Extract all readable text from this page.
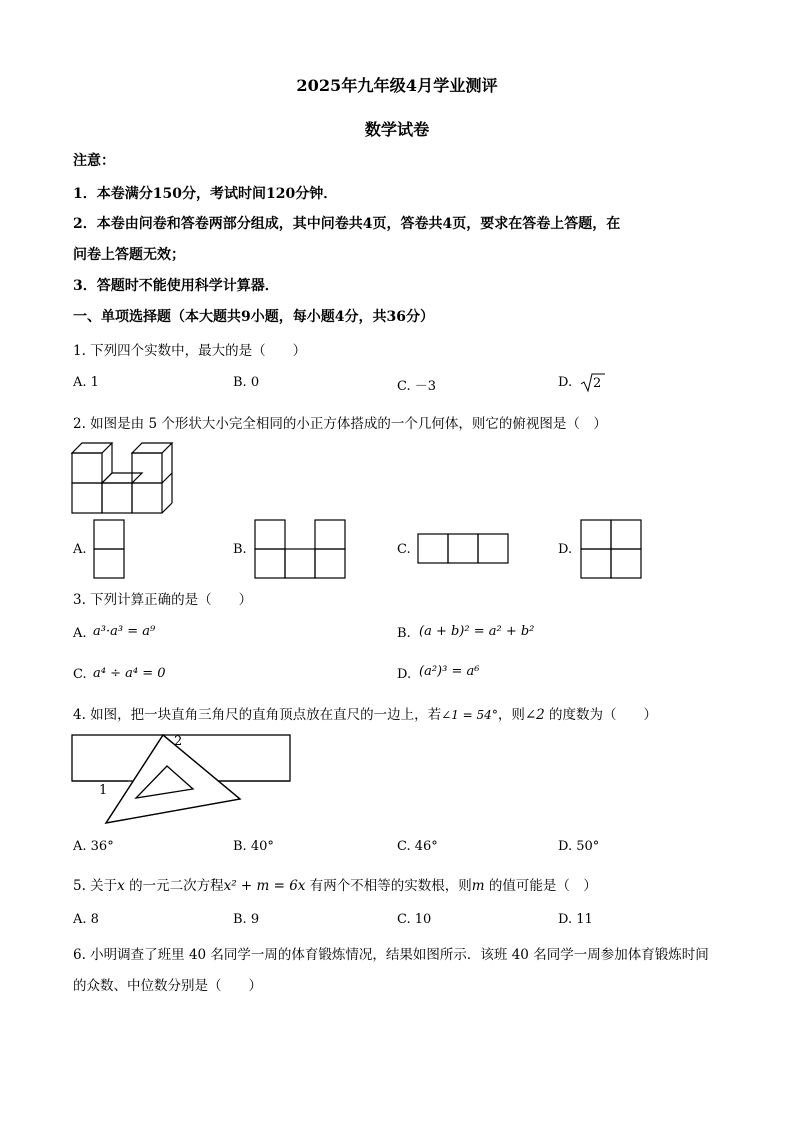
2025年九年级4月学业测评
数学试卷
注意：
1．本卷满分150分，考试时间120分钟．
2．本卷由问卷和答卷两部分组成，其中问卷共4页，答卷共4页，要求在答卷上答题，在
问卷上答题无效；
3．答题时不能使用科学计算器．
一、单项选择题（本大题共9小题，每小题4分，共36分）
1. 下列四个实数中，最大的是（　　）
A. 1	B. 0	C. －3	D. 2
2. 如图是由 5 个形状大小完全相同的小正方体搭成的一个几何体，则它的俯视图是（　）
A.	B.	C.	D.
3. 下列计算正确的是（　　）
A. a³·a³ = a⁹	B. (a + b)² = a² + b²
C. a⁴ ÷ a⁴ = 0	D. (a²)³ = a⁶
4. 如图，把一块直角三角尺的直角顶点放在直尺的一边上，若∠1 = 54°，则∠2 的度数为（　　）
2
1
A. 36°	B. 40°	C. 46°	D. 50°
5. 关于x 的一元二次方程x² + m = 6x 有两个不相等的实数根，则m 的值可能是（　）
A. 8	B. 9	C. 10	D. 11
6. 小明调查了班里 40 名同学一周的体育锻炼情况，结果如图所示．该班 40 名同学一周参加体育锻炼时间
的众数、中位数分别是（　　）
